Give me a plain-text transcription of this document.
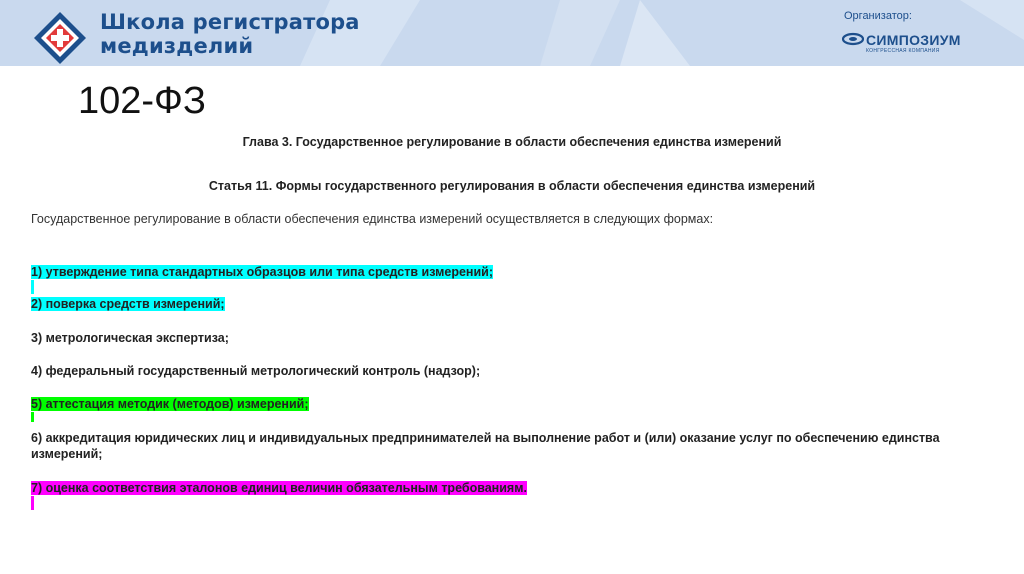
Школа регистратора
медизделий
Организатор:
СИМПОЗИУМ
КОНГРЕССНАЯ КОМПАНИЯ
102-ФЗ
Глава 3. Государственное регулирование в области обеспечения единства измерений
Статья 11. Формы государственного регулирования в области обеспечения единства измерений
Государственное регулирование в области обеспечения единства измерений осуществляется в следующих формах:
1) утверждение типа стандартных образцов или типа средств измерений;
2) поверка средств измерений;
3) метрологическая экспертиза;
4) федеральный государственный метрологический контроль (надзор);
5) аттестация методик (методов) измерений;
6) аккредитация юридических лиц и индивидуальных предпринимателей на выполнение работ и (или) оказание услуг по обеспечению единства измерений;
7) оценка соответствия эталонов единиц величин обязательным требованиям.
